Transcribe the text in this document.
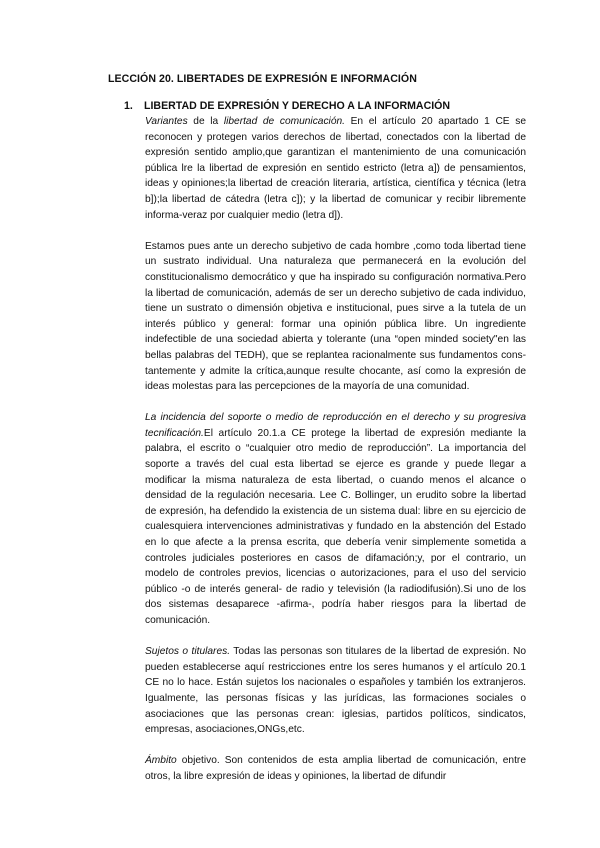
LECCIÓN 20. LIBERTADES DE EXPRESIÓN E INFORMACIÓN
1. LIBERTAD DE EXPRESIÓN Y DERECHO A LA INFORMACIÓN

Variantes de la libertad de comunicación. En el artículo 20 apartado 1 CE se reconocen y protegen varios derechos de libertad, conectados con la libertad de expresión sentido amplio,que garantizan el mantenimiento de una comunicación pública lre la libertad de expresión en sentido estricto (letra a]) de pensamientos, ideas y opiniones;la libertad de creación literaria, artística, científica y técnica (letra b]);la libertad de cátedra (letra c]); y la libertad de comunicar y recibir libremente informa-veraz por cualquier medio (letra d]).

Estamos pues ante un derecho subjetivo de cada hombre ,como toda libertad tiene un sustrato individual. Una naturaleza que permanecerá en la evolución del constitucionalismo democrático y que ha inspirado su configuración normativa.Pero la libertad de comunicación, además de ser un derecho subjetivo de cada individuo, tiene un sustrato o dimensión objetiva e institucional, pues sirve a la tutela de un interés público y general: formar una opinión pública libre. Un ingrediente indefectible de una sociedad abierta y tolerante (una “open minded society"en las bellas palabras del TEDH), que se replantea racionalmente sus fundamentos cons-tantemente y admite la crítica,aunque resulte chocante, así como la expresión de ideas molestas para las percepciones de la mayoría de una comunidad.

La incidencia del soporte o medio de reproducción en el derecho y su progresiva tecnificación.El artículo 20.1.a CE protege la libertad de expresión mediante la palabra, el escrito o “cualquier otro medio de reproducción”. La importancia del soporte a través del cual esta libertad se ejerce es grande y puede llegar a modificar la misma naturaleza de esta libertad, o cuando menos el alcance o densidad de la regulación necesaria. Lee C. Bollinger, un erudito sobre la libertad de expresión, ha defendido la existencia de un sistema dual: libre en su ejercicio de cualesquiera intervenciones administrativas y fundado en la abstención del Estado en lo que afecte a la prensa escrita, que debería venir simplemente sometida a controles judiciales posteriores en casos de difamación;y, por el contrario, un modelo de controles previos, licencias o autorizaciones, para el uso del servicio público -o de interés general- de radio y televisión (la radiodifusión).Si uno de los dos sistemas desaparece -afirma-, podría haber riesgos para la libertad de comunicación.

Sujetos o titulares. Todas las personas son titulares de la libertad de expresión. No pueden establecerse aquí restricciones entre los seres humanos y el artículo 20.1 CE no lo hace. Están sujetos los nacionales o españoles y también los extranjeros. Igualmente, las personas físicas y las jurídicas, las formaciones sociales o asociaciones que las personas crean: iglesias, partidos políticos, sindicatos, empresas, asociaciones,ONGs,etc.

Ámbito objetivo. Son contenidos de esta amplia libertad de comunicación, entre otros, la libre expresión de ideas y opiniones, la libertad de difundir
